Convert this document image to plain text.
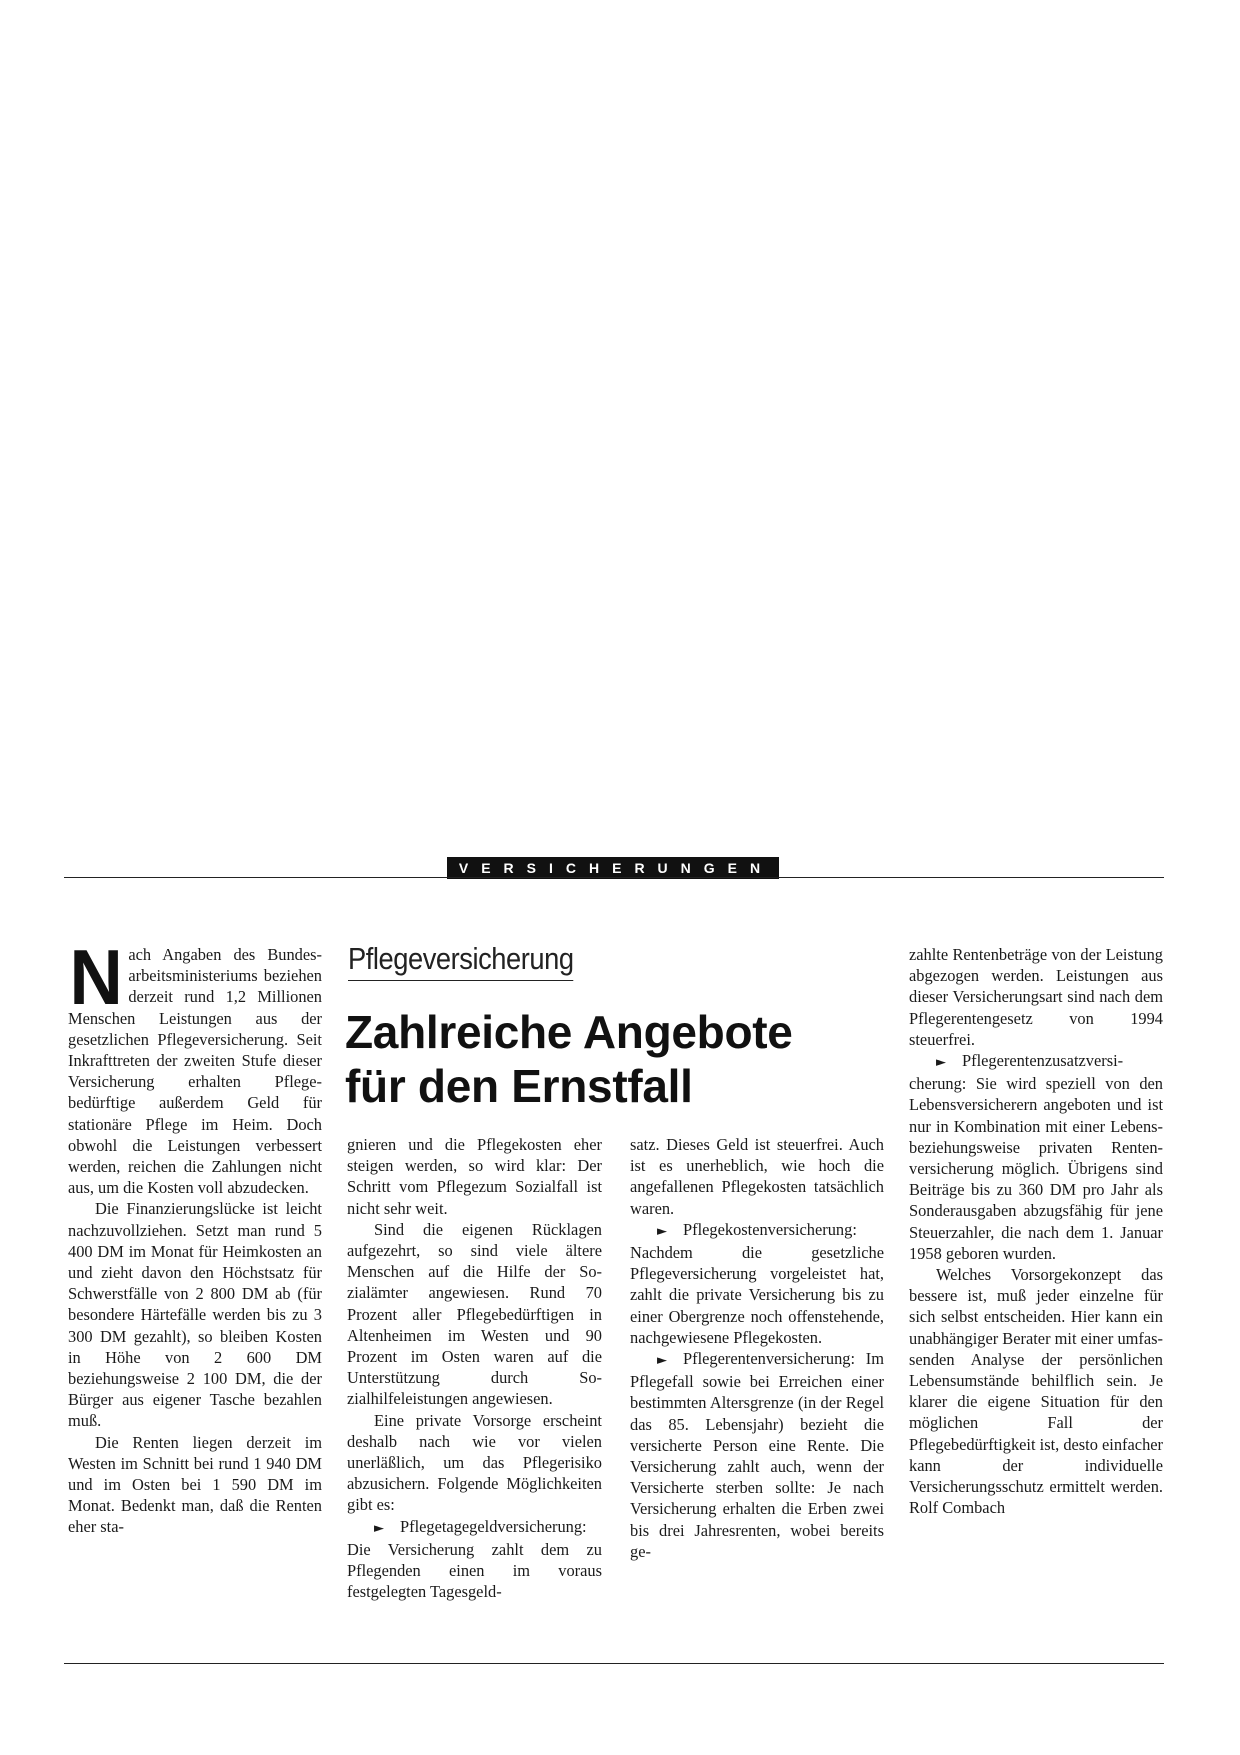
VERSICHERUNGEN
Pflegeversicherung
Zahlreiche Angebote
für den Ernstfall

Nach Angaben des Bundesarbeitsministeriums beziehen derzeit rund 1,2 Millionen Menschen Leistungen aus der gesetzlichen Pflegeversicherung. Seit Inkrafttreten der zweiten Stufe dieser Versicherung erhalten Pflegebedürftige außerdem Geld für stationäre Pflege im Heim. Doch obwohl die Leistungen verbessert werden, reichen die Zahlungen nicht aus, um die Kosten voll abzudecken.

Die Finanzierungslücke ist leicht nachzuvollziehen. Setzt man rund 5 400 DM im Monat für Heimkosten an und zieht davon den Höchstsatz für Schwerstfälle von 2 800 DM ab (für besondere Härtefälle werden bis zu 3 300 DM gezahlt), so bleiben Kosten in Höhe von 2 600 DM beziehungsweise 2 100 DM, die der Bürger aus eigener Tasche bezahlen muß.

Die Renten liegen derzeit im Westen im Schnitt bei rund 1 940 DM und im Osten bei 1 590 DM im Monat. Bedenkt man, daß die Renten eher sta-

gnieren und die Pflegekosten eher steigen werden, so wird klar: Der Schritt vom Pflegezum Sozialfall ist nicht sehr weit.

Sind die eigenen Rücklagen aufgezehrt, so sind viele ältere Menschen auf die Hilfe der Sozialämter angewiesen. Rund 70 Prozent aller Pflegebedürftigen in Altenheimen im Westen und 90 Prozent im Osten waren auf die Unterstützung durch Sozialhilfeleistungen angewiesen.

Eine private Vorsorge erscheint deshalb nach wie vor vielen unerläßlich, um das Pflegerisiko abzusichern. Folgende Möglichkeiten gibt es:

► Pflegetagegeldversicherung: Die Versicherung zahlt dem zu Pflegenden einen im voraus festgelegten Tagesgeld-

satz. Dieses Geld ist steuerfrei. Auch ist es unerheblich, wie hoch die angefallenen Pflegekosten tatsächlich waren.

► Pflegekostenversicherung: Nachdem die gesetzliche Pflegeversicherung vorgeleistet hat, zahlt die private Versicherung bis zu einer Obergrenze noch offenstehende, nachgewiesene Pflegekosten.

► Pflegerentenversicherung: Im Pflegefall sowie bei Erreichen einer bestimmten Altersgrenze (in der Regel das 85. Lebensjahr) bezieht die versicherte Person eine Rente. Die Versicherung zahlt auch, wenn der Versicherte sterben sollte: Je nach Versicherung erhalten die Erben zwei bis drei Jahresrenten, wobei bereits ge-

zahlte Rentenbeträge von der Leistung abgezogen werden. Leistungen aus dieser Versicherungsart sind nach dem Pflegerentengesetz von 1994 steuerfrei.

► Pflegerentenzusatzversicherung: Sie wird speziell von den Lebensversicherern angeboten und ist nur in Kombination mit einer Lebens- beziehungsweise privaten Rentenversicherung möglich. Übrigens sind Beiträge bis zu 360 DM pro Jahr als Sonderausgaben abzugsfähig für jene Steuerzahler, die nach dem 1. Januar 1958 geboren wurden.

Welches Vorsorgekonzept das bessere ist, muß jeder einzelne für sich selbst entscheiden. Hier kann ein unabhängiger Berater mit einer umfassenden Analyse der persönlichen Lebensumstände behilflich sein. Je klarer die eigene Situation für den möglichen Fall der Pflegebedürftigkeit ist, desto einfacher kann der individuelle Versicherungsschutz ermittelt werden. Rolf Combach
